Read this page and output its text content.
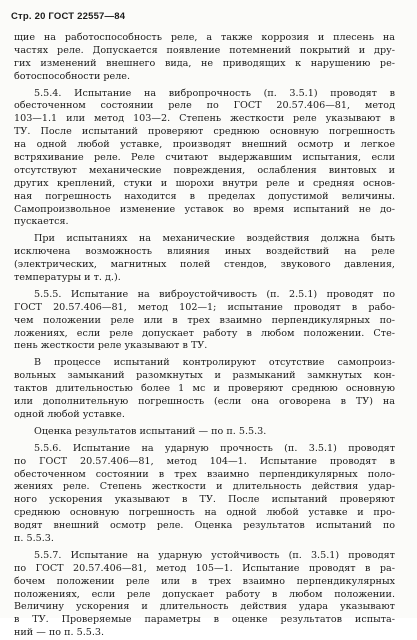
Стр. 20 ГОСТ 22557—84
щие на работоспособность реле, а также коррозия и плесень на
частях реле. Допускается появление потемнений покрытий и дру-
гих изменений внешнего вида, не приводящих к нарушению ре-
ботоспособности реле.
5.5.4. Испытание на вибропрочность (п. 3.5.1) проводят в
обесточенном состоянии реле по ГОСТ 20.57.406—81, метод
103—1.1 или метод 103—2. Степень жесткости реле указывают в
ТУ. После испытаний проверяют среднюю основную погрешность
на одной любой уставке, производят внешний осмотр и легкое
встряхивание реле. Реле считают выдержавшим испытания, если
отсутствуют механические повреждения, ослабления винтовых и
других креплений, стуки и шорохи внутри реле и средняя основ-
ная погрешность находится в пределах допустимой величины.
Самопроизвольное изменение уставок во время испытаний не до-
пускается.
При испытаниях на механические воздействия должна быть
исключена возможность влияния иных воздействий на реле
(электрических, магнитных полей стендов, звукового давления,
температуры и т. д.).
5.5.5. Испытание на виброустойчивость (п. 2.5.1) проводят по
ГОСТ 20.57.406—81, метод 102—1; испытание проводят в рабо-
чем положении реле или в трех взаимно перпендикулярных по-
ложениях, если реле допускает работу в любом положении. Сте-
пень жесткости реле указывают в ТУ.
В процессе испытаний контролируют отсутствие самопроиз-
вольных замыканий разомкнутых и размыканий замкнутых кон-
тактов длительностью более 1 мс и проверяют среднюю основную
или дополнительную погрешность (если она оговорена в ТУ) на
одной любой уставке.
Оценка результатов испытаний — по п. 5.5.3.
5.5.6. Испытание на ударную прочность (п. 3.5.1) проводят
по ГОСТ 20.57.406—81, метод 104—1. Испытание проводят в
обесточенном состоянии в трех взаимно перпендикулярных поло-
жениях реле. Степень жесткости и длительность действия удар-
ного ускорения указывают в ТУ. После испытаний проверяют
среднюю основную погрешность на одной любой уставке и про-
водят внешний осмотр реле. Оценка результатов испытаний по
п. 5.5.3.
5.5.7. Испытание на ударную устойчивость (п. 3.5.1) проводят
по ГОСТ 20.57.406—81, метод 105—1. Испытание проводят в ра-
бочем положении реле или в трех взаимно перпендикулярных
положениях, если реле допускает работу в любом положении.
Величину ускорения и длительность действия удара указывают
в ТУ. Проверяемые параметры в оценке результатов испыта-
ний — по п. 5.5.3.
